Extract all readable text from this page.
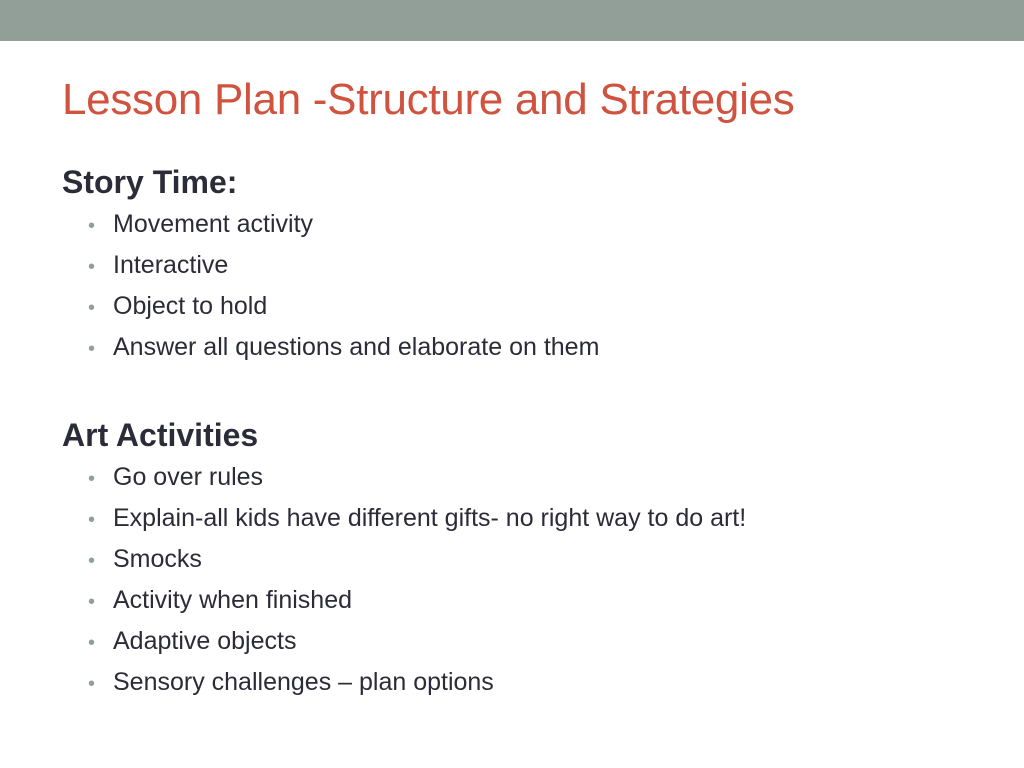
Lesson Plan -Structure and Strategies
Story Time:
• Movement activity
• Interactive
• Object to hold
• Answer all questions and elaborate on them
Art Activities
• Go over rules
• Explain-all kids have different gifts- no right way to do art!
• Smocks
• Activity when finished
• Adaptive objects
• Sensory challenges – plan options
